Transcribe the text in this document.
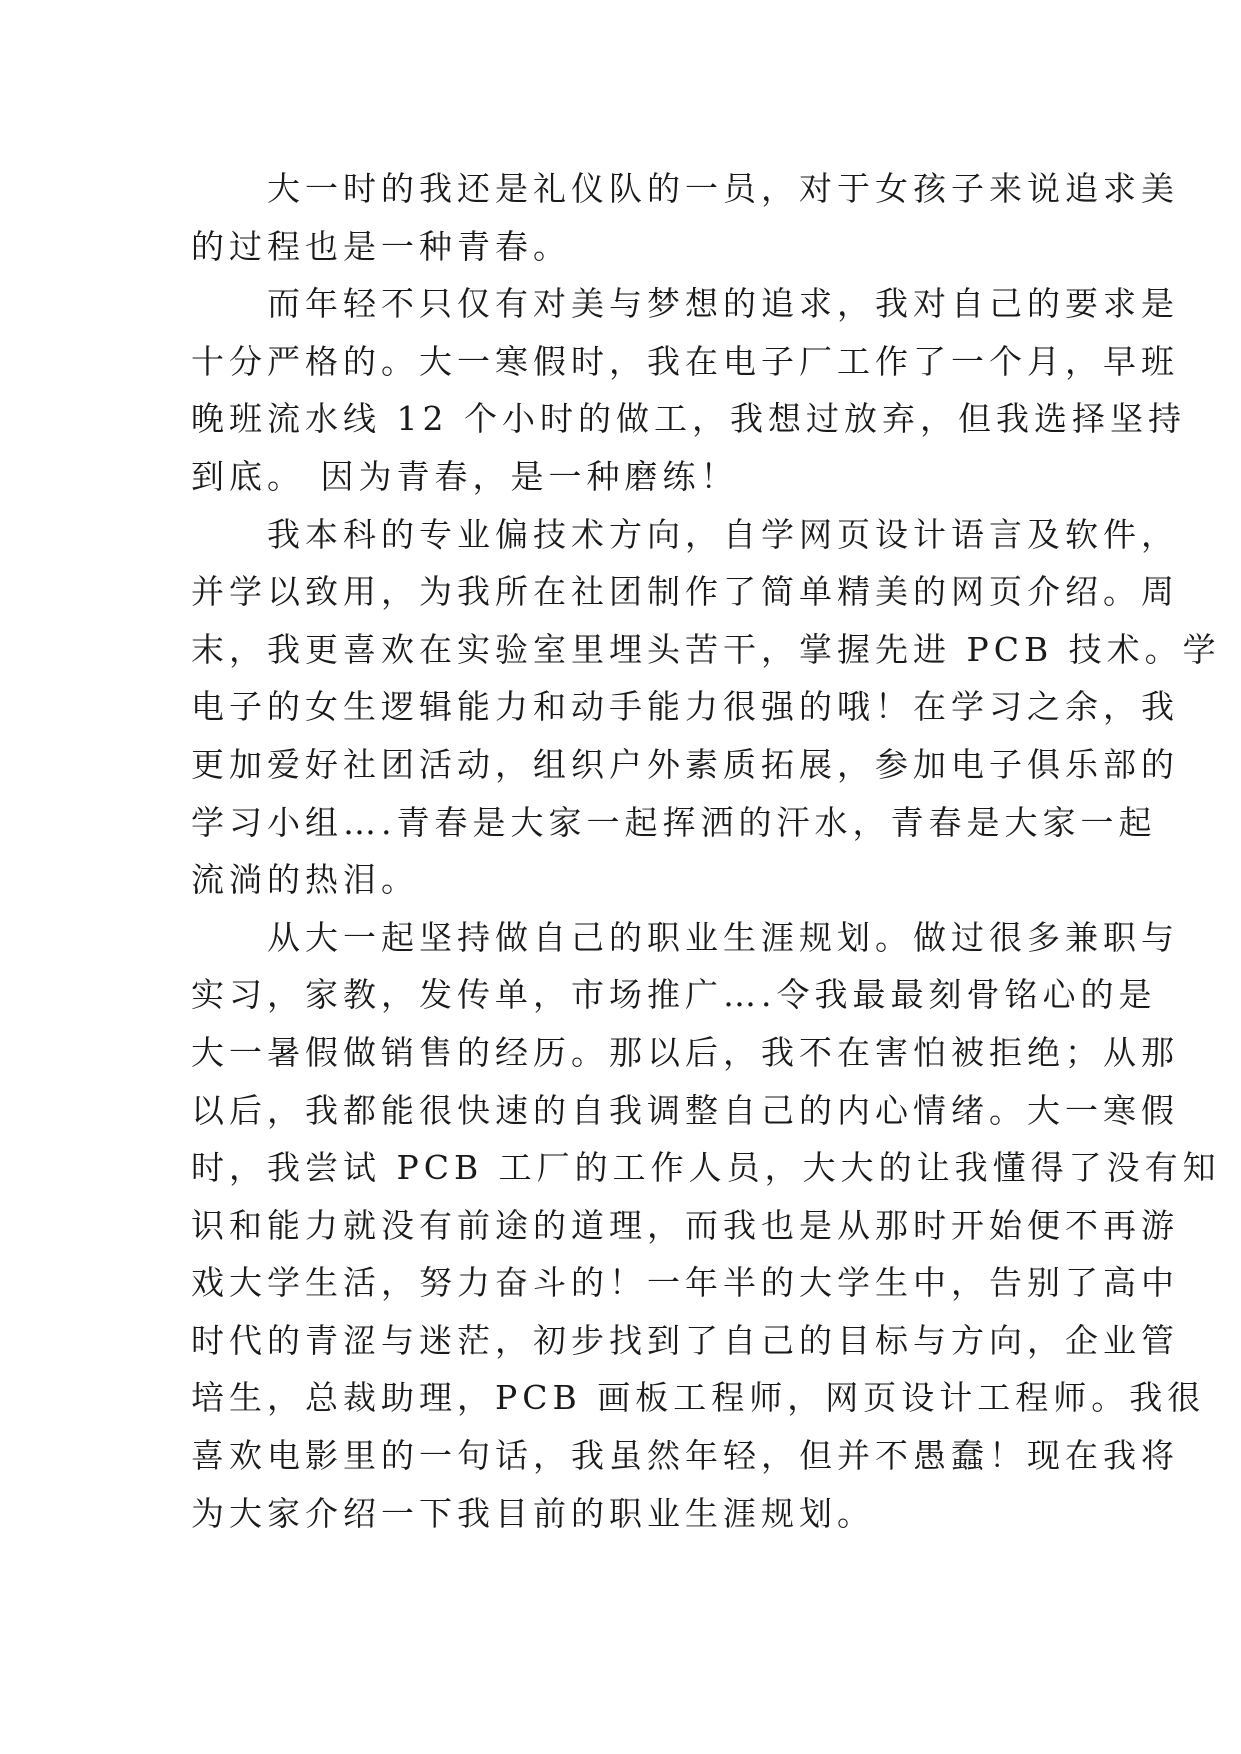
　　大一时的我还是礼仪队的一员，对于女孩子来说追求美
的过程也是一种青春。

　　而年轻不只仅有对美与梦想的追求，我对自己的要求是
十分严格的。大一寒假时，我在电子厂工作了一个月，早班
晚班流水线 12 个小时的做工，我想过放弃，但我选择坚持
到底。 因为青春，是一种磨练！

　　我本科的专业偏技术方向，自学网页设计语言及软件，
并学以致用，为我所在社团制作了简单精美的网页介绍。周
末，我更喜欢在实验室里埋头苦干，掌握先进 PCB 技术。学
电子的女生逻辑能力和动手能力很强的哦！在学习之余，我
更加爱好社团活动，组织户外素质拓展，参加电子俱乐部的
学习小组….青春是大家一起挥洒的汗水，青春是大家一起
流淌的热泪。

　　从大一起坚持做自己的职业生涯规划。做过很多兼职与
实习，家教，发传单，市场推广….令我最最刻骨铭心的是
大一暑假做销售的经历。那以后，我不在害怕被拒绝；从那
以后，我都能很快速的自我调整自己的内心情绪。大一寒假
时，我尝试 PCB 工厂的工作人员，大大的让我懂得了没有知
识和能力就没有前途的道理，而我也是从那时开始便不再游
戏大学生活，努力奋斗的！一年半的大学生中，告别了高中
时代的青涩与迷茫，初步找到了自己的目标与方向，企业管
培生，总裁助理，PCB 画板工程师，网页设计工程师。我很
喜欢电影里的一句话，我虽然年轻，但并不愚蠢！现在我将
为大家介绍一下我目前的职业生涯规划。
